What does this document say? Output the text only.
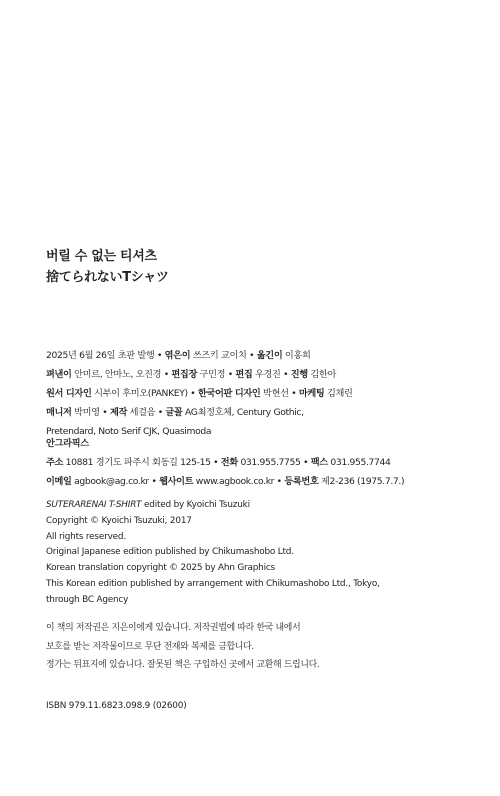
버릴 수 없는 티셔츠
捨てられないTシャツ
2025년 6월 26일 초판 발행 • 엮은이 쓰즈키 교이치 • 옮긴이 이홍희
펴낸이 안미르, 안마노, 오진경 • 편집장 구민정 • 편집 우경진 • 진행 김한아
원서 디자인 시부이 후미오(PANKEY) • 한국어판 디자인 박현선 • 마케팅 김채린
매니저 박미영 • 제작 세걸음 • 글꼴 AG최정호체, Century Gothic,
Pretendard, Noto Serif CJK, Quasimoda
안그라픽스
주소 10881 경기도 파주시 회동길 125-15 • 전화 031.955.7755 • 팩스 031.955.7744
이메일 agbook@ag.co.kr • 웹사이트 www.agbook.co.kr • 등록번호 제2-236 (1975.7.7.)
SUTERARENAI T-SHIRT edited by Kyoichi Tsuzuki
Copyright © Kyoichi Tsuzuki, 2017
All rights reserved.
Original Japanese edition published by Chikumashobo Ltd.
Korean translation copyright © 2025 by Ahn Graphics
This Korean edition published by arrangement with Chikumashobo Ltd., Tokyo,
through BC Agency
이 책의 저작권은 지은이에게 있습니다. 저작권법에 따라 한국 내에서
보호를 받는 저작물이므로 무단 전재와 복제를 금합니다.
정가는 뒤표지에 있습니다. 잘못된 책은 구입하신 곳에서 교환해 드립니다.
ISBN 979.11.6823.098.9 (02600)
